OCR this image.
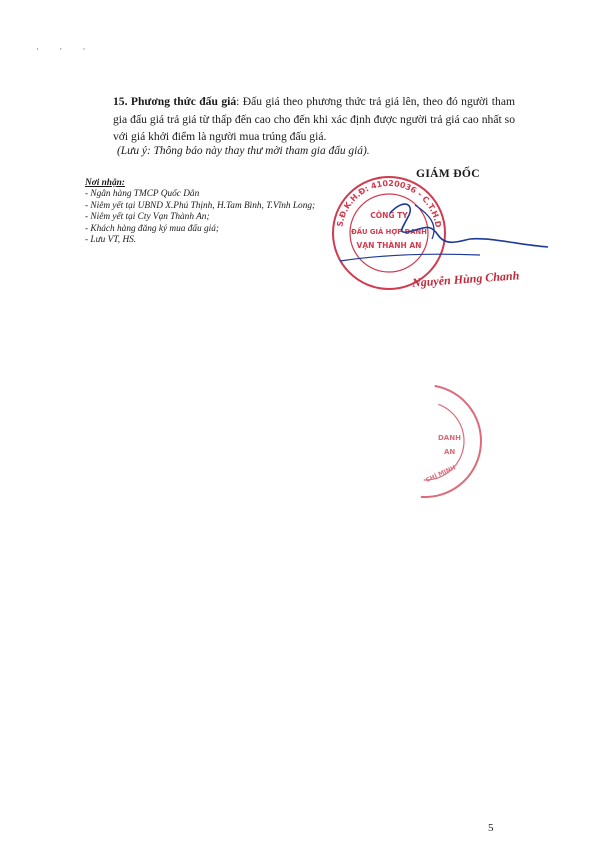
· · ·
15. Phương thức đấu giá: Đấu giá theo phương thức trả giá lên, theo đó người tham gia đấu giá trả giá từ thấp đến cao cho đến khi xác định được người trả giá cao nhất so với giá khởi điểm là người mua trúng đấu giá.
(Lưu ý: Thông báo này thay thư mời tham gia đấu giá).
Nơi nhận:
- Ngân hàng TMCP Quốc Dân
- Niêm yết tại UBND X.Phú Thịnh, H.Tam Bình, T.Vĩnh Long;
- Niêm yết tại Cty Vạn Thành An;
- Khách hàng đăng ký mua đấu giá;
- Lưu VT, HS.
GIÁM ĐỐC
S.Đ.K.H.Đ: 41020036 - C.T.H.D
CÔNG TY
ĐẤU GIÁ HỢP DANH
VẠN THÀNH AN
Nguyễn Hùng Chanh
DANH
AN
CHÍ MINH
5
